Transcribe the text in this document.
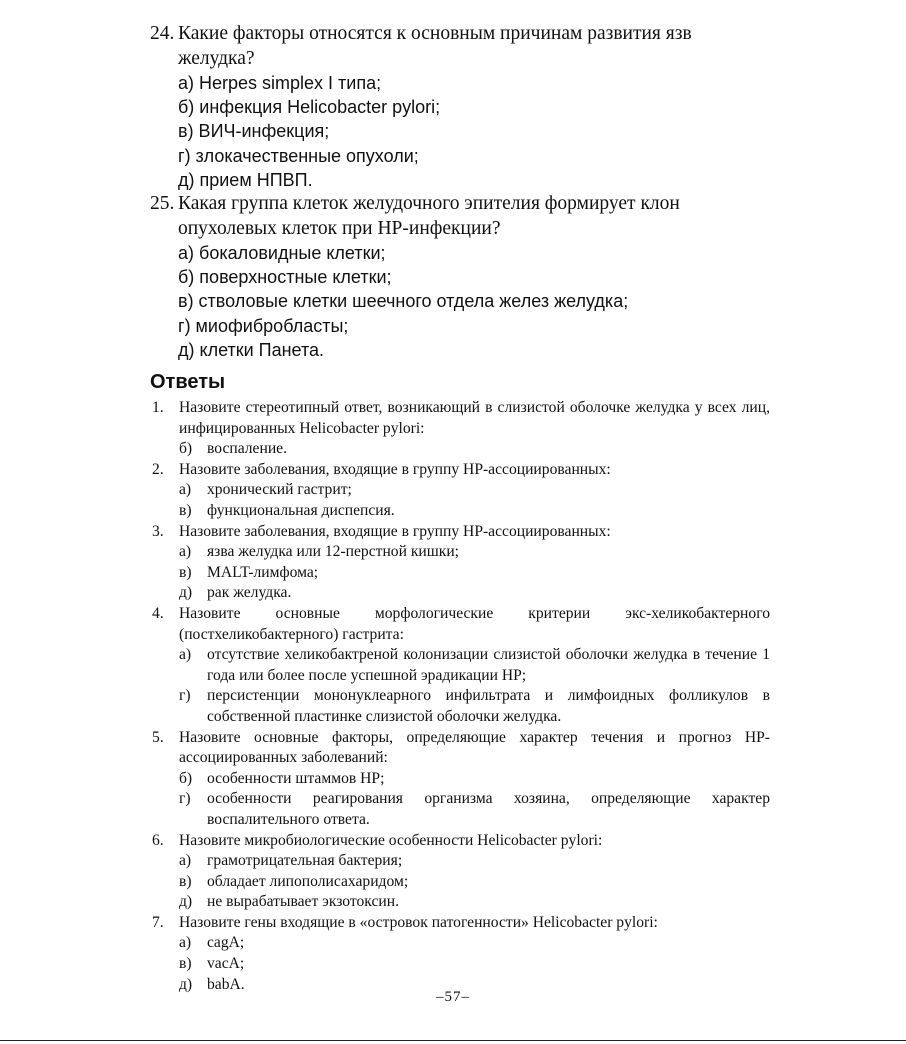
24. Какие факторы относятся к основным причинам развития язв желудка?
а) Herpes simplex I типа;
б) инфекция Helicobacter pylori;
в) ВИЧ-инфекция;
г) злокачественные опухоли;
д) прием НПВП.
25. Какая группа клеток желудочного эпителия формирует клон опухолевых клеток при HP-инфекции?
а) бокаловидные клетки;
б) поверхностные клетки;
в) стволовые клетки шеечного отдела желез желудка;
г) миофибробласты;
д) клетки Панета.
Ответы
1. Назовите стереотипный ответ, возникающий в слизистой оболочке желудка у всех лиц, инфицированных Helicobacter pylori:
б) воспаление.
2. Назовите заболевания, входящие в группу HP-ассоциированных:
а) хронический гастрит;
в) функциональная диспепсия.
3. Назовите заболевания, входящие в группу HP-ассоциированных:
а) язва желудка или 12-перстной кишки;
в) MALT-лимфома;
д) рак желудка.
4. Назовите основные морфологические критерии экс-хеликобактерного (постхеликобактерного) гастрита:
а) отсутствие хеликобактреной колонизации слизистой оболочки желудка в течение 1 года или более после успешной эрадикации HP;
г) персистенции мононуклеарного инфильтрата и лимфоидных фолликулов в собственной пластинке слизистой оболочки желудка.
5. Назовите основные факторы, определяющие характер течения и прогноз HP-ассоциированных заболеваний:
б) особенности штаммов HP;
г) особенности реагирования организма хозяина, определяющие характер воспалительного ответа.
6. Назовите микробиологические особенности Helicobacter pylori:
а) грамотрицательная бактерия;
в) обладает липополисахаридом;
д) не вырабатывает экзотоксин.
7. Назовите гены входящие в «островок патогенности» Helicobacter pylori:
а) cagA;
в) vacA;
д) babA.
–57–
